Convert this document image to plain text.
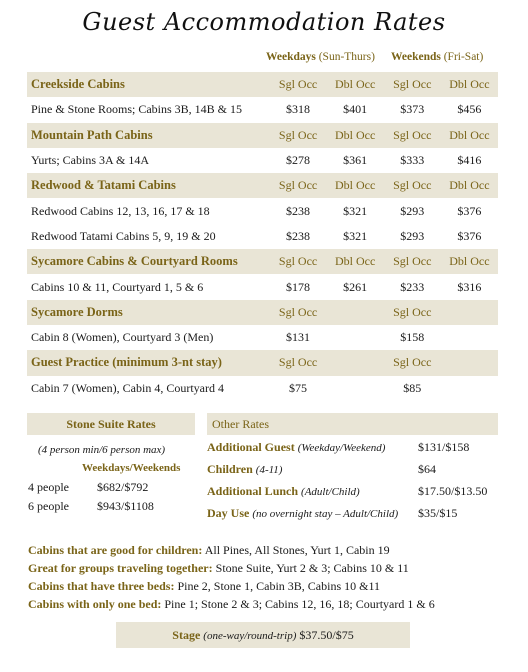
Guest Accommodation Rates
Weekdays (Sun-Thurs) Weekends (Fri-Sat)
Creekside Cabins	Sgl Occ	Dbl Occ	Sgl Occ	Dbl Occ
Pine & Stone Rooms; Cabins 3B, 14B & 15	$318	$401	$373	$456
Mountain Path Cabins	Sgl Occ	Dbl Occ	Sgl Occ	Dbl Occ
Yurts; Cabins 3A & 14A	$278	$361	$333	$416
Redwood & Tatami Cabins	Sgl Occ	Dbl Occ	Sgl Occ	Dbl Occ
Redwood Cabins 12, 13, 16, 17 & 18	$238	$321	$293	$376
Redwood Tatami Cabins 5, 9, 19 & 20	$238	$321	$293	$376
Sycamore Cabins & Courtyard Rooms	Sgl Occ	Dbl Occ	Sgl Occ	Dbl Occ
Cabins 10 & 11, Courtyard 1, 5 & 6	$178	$261	$233	$316
Sycamore Dorms	Sgl Occ		Sgl Occ	
Cabin 8 (Women), Courtyard 3 (Men)	$131		$158	
Guest Practice (minimum 3-nt stay)	Sgl Occ		Sgl Occ	
Cabin 7 (Women), Cabin 4, Courtyard 4	$75		$85	
Stone Suite Rates
(4 person min/6 person max)
Weekdays/Weekends
4 people $682/$792
6 people $943/$1108
Other Rates
Additional Guest (Weekday/Weekend)	$131/$158
Children (4-11)	$64
Additional Lunch (Adult/Child)	$17.50/$13.50
Day Use (no overnight stay – Adult/Child) $35/$15
Cabins that are good for children: All Pines, All Stones, Yurt 1, Cabin 19
Great for groups traveling together: Stone Suite, Yurt 2 & 3; Cabins 10 & 11
Cabins that have three beds: Pine 2, Stone 1, Cabin 3B, Cabins 10 &11
Cabins with only one bed: Pine 1; Stone 2 & 3; Cabins 12, 16, 18; Courtyard 1 & 6
Stage (one-way/round-trip) $37.50/$75
